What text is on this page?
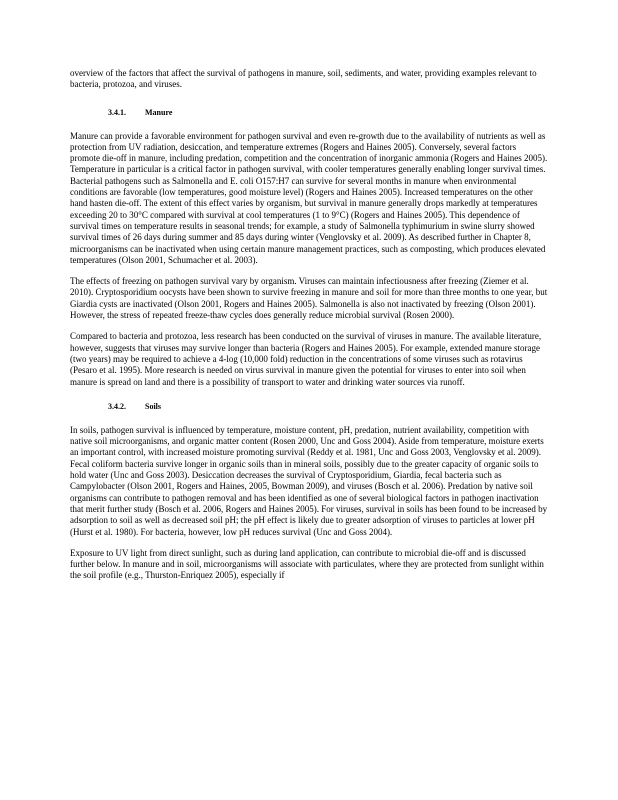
overview of the factors that affect the survival of pathogens in manure, soil, sediments, and water, providing examples relevant to bacteria, protozoa, and viruses.

3.4.1. Manure

Manure can provide a favorable environment for pathogen survival and even re-growth due to the availability of nutrients as well as protection from UV radiation, desiccation, and temperature extremes (Rogers and Haines 2005). Conversely, several factors promote die-off in manure, including predation, competition and the concentration of inorganic ammonia (Rogers and Haines 2005). Temperature in particular is a critical factor in pathogen survival, with cooler temperatures generally enabling longer survival times. Bacterial pathogens such as Salmonella and E. coli O157:H7 can survive for several months in manure when environmental conditions are favorable (low temperatures, good moisture level) (Rogers and Haines 2005). Increased temperatures on the other hand hasten die-off. The extent of this effect varies by organism, but survival in manure generally drops markedly at temperatures exceeding 20 to 30°C compared with survival at cool temperatures (1 to 9°C) (Rogers and Haines 2005). This dependence of survival times on temperature results in seasonal trends; for example, a study of Salmonella typhimurium in swine slurry showed survival times of 26 days during summer and 85 days during winter (Venglovsky et al. 2009). As described further in Chapter 8, microorganisms can be inactivated when using certain manure management practices, such as composting, which produces elevated temperatures (Olson 2001, Schumacher et al. 2003).

The effects of freezing on pathogen survival vary by organism. Viruses can maintain infectiousness after freezing (Ziemer et al. 2010). Cryptosporidium oocysts have been shown to survive freezing in manure and soil for more than three months to one year, but Giardia cysts are inactivated (Olson 2001, Rogers and Haines 2005). Salmonella is also not inactivated by freezing (Olson 2001). However, the stress of repeated freeze-thaw cycles does generally reduce microbial survival (Rosen 2000).

Compared to bacteria and protozoa, less research has been conducted on the survival of viruses in manure. The available literature, however, suggests that viruses may survive longer than bacteria (Rogers and Haines 2005). For example, extended manure storage (two years) may be required to achieve a 4-log (10,000 fold) reduction in the concentrations of some viruses such as rotavirus (Pesaro et al. 1995). More research is needed on virus survival in manure given the potential for viruses to enter into soil when manure is spread on land and there is a possibility of transport to water and drinking water sources via runoff.

3.4.2. Soils

In soils, pathogen survival is influenced by temperature, moisture content, pH, predation, nutrient availability, competition with native soil microorganisms, and organic matter content (Rosen 2000, Unc and Goss 2004). Aside from temperature, moisture exerts an important control, with increased moisture promoting survival (Reddy et al. 1981, Unc and Goss 2003, Venglovsky et al. 2009). Fecal coliform bacteria survive longer in organic soils than in mineral soils, possibly due to the greater capacity of organic soils to hold water (Unc and Goss 2003). Desiccation decreases the survival of Cryptosporidium, Giardia, fecal bacteria such as Campylobacter (Olson 2001, Rogers and Haines, 2005, Bowman 2009), and viruses (Bosch et al. 2006). Predation by native soil organisms can contribute to pathogen removal and has been identified as one of several biological factors in pathogen inactivation that merit further study (Bosch et al. 2006, Rogers and Haines 2005). For viruses, survival in soils has been found to be increased by adsorption to soil as well as decreased soil pH; the pH effect is likely due to greater adsorption of viruses to particles at lower pH (Hurst et al. 1980). For bacteria, however, low pH reduces survival (Unc and Goss 2004).

Exposure to UV light from direct sunlight, such as during land application, can contribute to microbial die-off and is discussed further below. In manure and in soil, microorganisms will associate with particulates, where they are protected from sunlight within the soil profile (e.g., Thurston-Enriquez 2005), especially if
